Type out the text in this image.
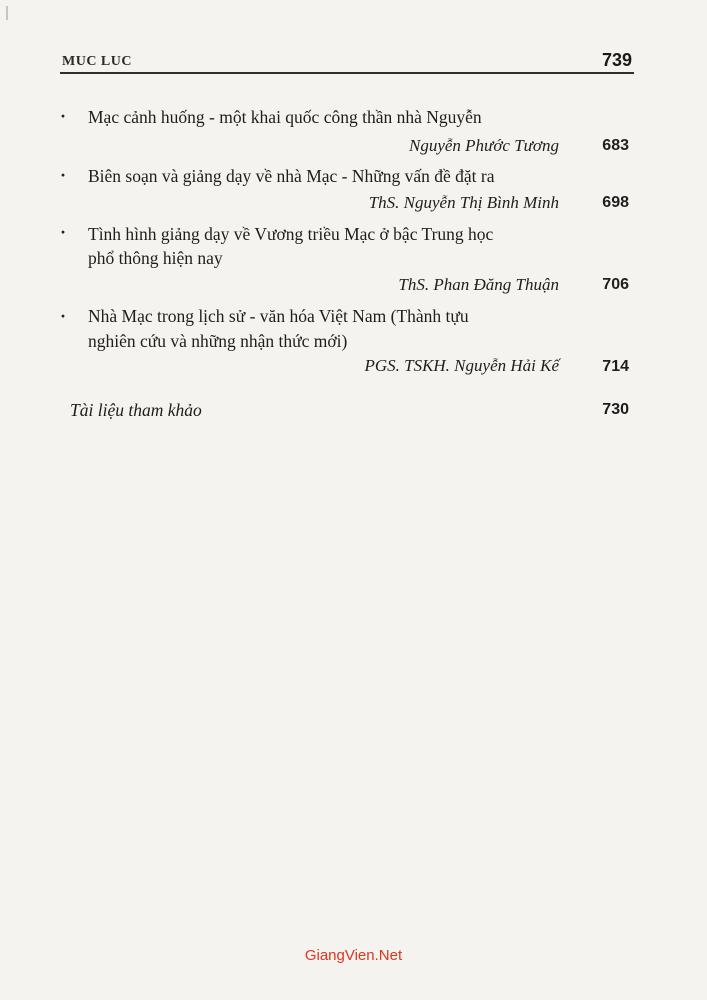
MUC LUC	739
· Mạc cảnh huống - một khai quốc công thần nhà Nguyễn
Nguyễn Phước Tương	683
· Biên soạn và giảng dạy về nhà Mạc - Những vấn đề đặt ra
ThS. Nguyễn Thị Bình Minh	698
· Tình hình giảng dạy về Vương triều Mạc ở bậc Trung học
phổ thông hiện nay
ThS. Phan Đăng Thuận	706
· Nhà Mạc trong lịch sử - văn hóa Việt Nam (Thành tựu
nghiên cứu và những nhận thức mới)
PGS. TSKH. Nguyễn Hải Kế	714
Tài liệu tham khảo	730
GiangVien.Net
